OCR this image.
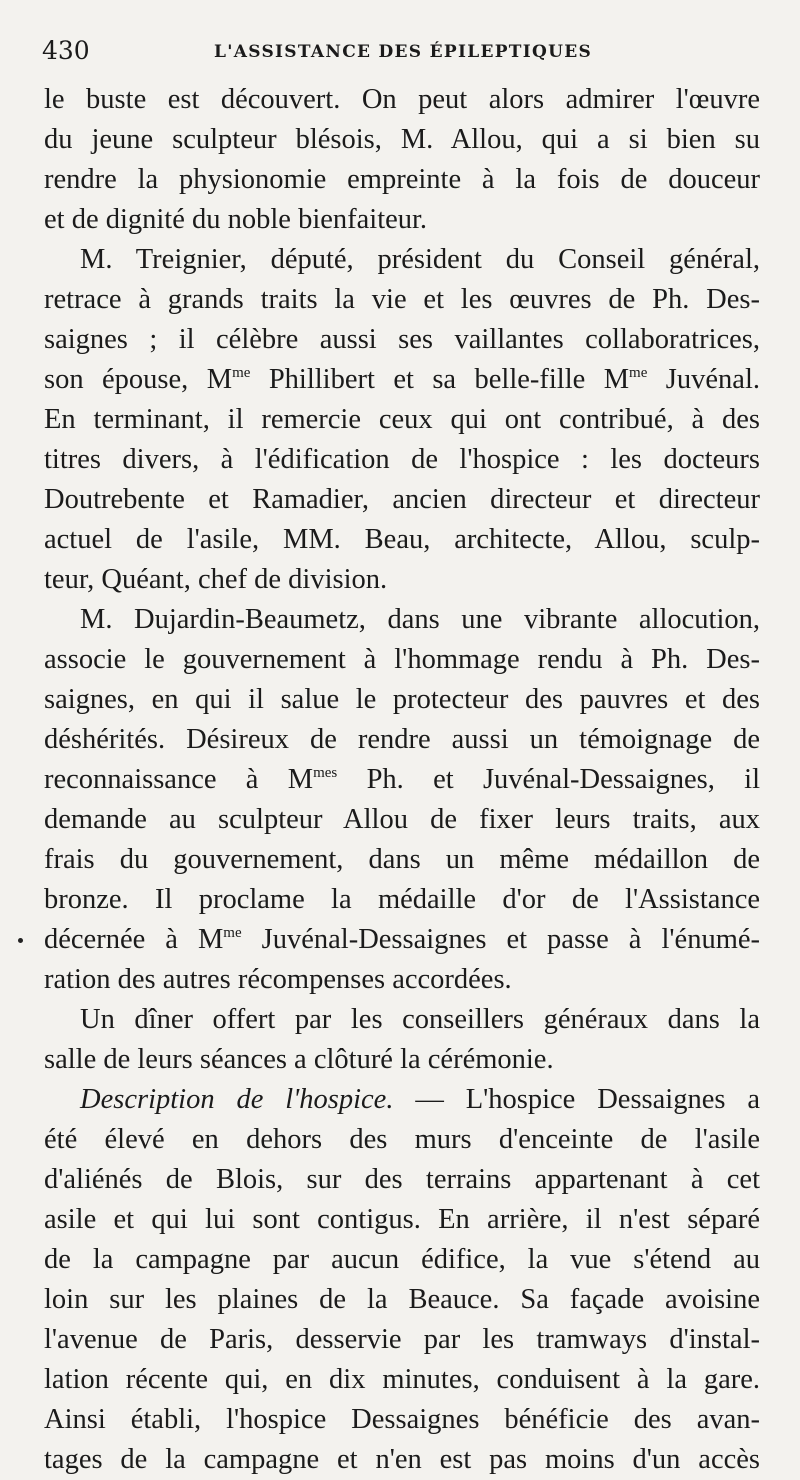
430	L'ASSISTANCE DES ÉPILEPTIQUES
le buste est découvert. On peut alors admirer l'œuvre
du jeune sculpteur blésois, M. Allou, qui a si bien su
rendre la physionomie empreinte à la fois de douceur
et de dignité du noble bienfaiteur.
M. Treignier, député, président du Conseil général,
retrace à grands traits la vie et les œuvres de Ph. Des-
saignes ; il célèbre aussi ses vaillantes collaboratrices,
son épouse, $M^{me}$ Phillibert et sa belle-fille $M^{me}$ Juvénal.
En terminant, il remercie ceux qui ont contribué, à des
titres divers, à l'édification de l'hospice : les docteurs
Doutrebente et Ramadier, ancien directeur et directeur
actuel de l'asile, MM. Beau, architecte, Allou, sculp-
teur, Quéant, chef de division.
M. Dujardin-Beaumetz, dans une vibrante allocution,
associe le gouvernement à l'hommage rendu à Ph. Des-
saignes, en qui il salue le protecteur des pauvres et des
déshérités. Désireux de rendre aussi un témoignage de
reconnaissance à $M^{mes}$ Ph. et Juvénal-Dessaignes, il
demande au sculpteur Allou de fixer leurs traits, aux
frais du gouvernement, dans un même médaillon de
bronze. Il proclame la médaille d'or de l'Assistance
décernée à $M^{me}$ Juvénal-Dessaignes et passe à l'énumé-
ration des autres récompenses accordées.
Un dîner offert par les conseillers généraux dans la
salle de leurs séances a clôturé la cérémonie.
Description de l'hospice. — L'hospice Dessaignes a
été élevé en dehors des murs d'enceinte de l'asile
d'aliénés de Blois, sur des terrains appartenant à cet
asile et qui lui sont contigus. En arrière, il n'est séparé
de la campagne par aucun édifice, la vue s'étend au
loin sur les plaines de la Beauce. Sa façade avoisine
l'avenue de Paris, desservie par les tramways d'instal-
lation récente qui, en dix minutes, conduisent à la gare.
Ainsi établi, l'hospice Dessaignes bénéficie des avan-
tages de la campagne et n'en est pas moins d'un accès
